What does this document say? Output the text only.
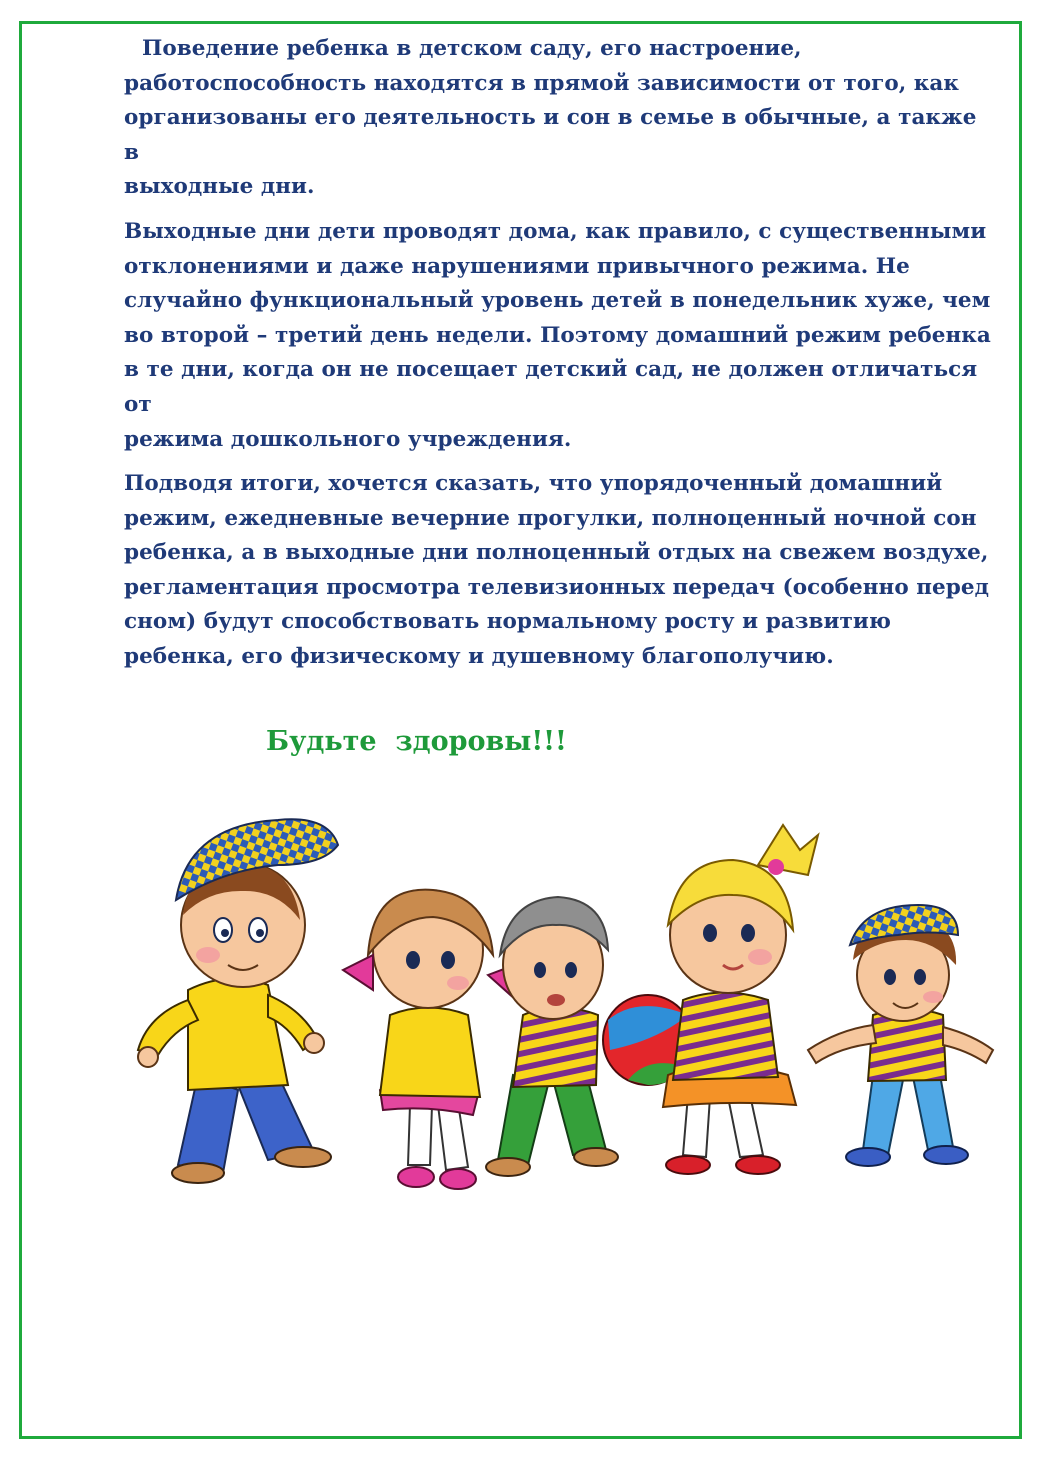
Поведение ребенка в детском саду, его настроение,
работоспособность находятся в прямой зависимости от того, как
организованы его деятельность и сон в семье в обычные, а также в
выходные дни.

Выходные дни дети проводят дома, как правило, с существенными
отклонениями и даже нарушениями привычного режима. Не
случайно функциональный уровень детей в понедельник хуже, чем
во второй – третий день недели. Поэтому домашний режим ребенка
в те дни, когда он не посещает детский сад, не должен отличаться от
режима дошкольного учреждения.

Подводя итоги, хочется сказать, что упорядоченный домашний
режим, ежедневные вечерние прогулки, полноценный ночной сон
ребенка, а в выходные дни полноценный отдых на свежем воздухе,
регламентация просмотра телевизионных передач (особенно перед
сном) будут способствовать нормальному росту и развитию
ребенка, его физическому и душевному благополучию.

Будьте  здоровы!!!
